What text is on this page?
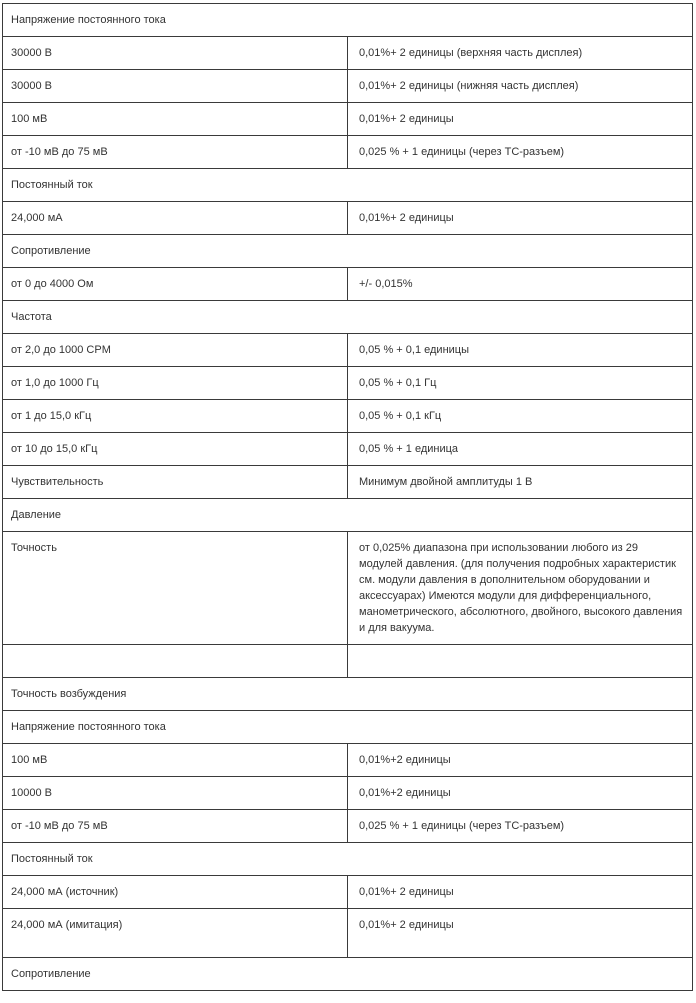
Напряжение постоянного тока	
30000 В	0,01%+ 2 единицы (верхняя часть дисплея)
30000 В	0,01%+ 2 единицы (нижняя часть дисплея)
100 мВ	0,01%+ 2 единицы
от -10 мВ до 75 мВ	0,025 % + 1 единицы (через TC-разъем)
Постоянный ток	
24,000 мА	0,01%+ 2 единицы
Сопротивление	
от 0 до 4000 Ом	+/- 0,015%
Частота	
от 2,0 до 1000 CPM	0,05 % + 0,1 единицы
от 1,0 до 1000 Гц	0,05 % + 0,1 Гц
от 1 до 15,0 кГц	0,05 % + 0,1 кГц
от 10 до 15,0 кГц	0,05 % + 1 единица
Чувствительность	Минимум двойной амплитуды 1 В
Давление	
Точность	от 0,025% диапазона при использовании любого из 29 модулей давления. (для получения подробных характеристик см. модули давления в дополнительном оборудовании и аксессуарах) Имеются модули для дифференциального, манометрического, абсолютного, двойного, высокого давления и для вакуума.

Точность возбуждения	
Напряжение постоянного тока	
100 мВ	0,01%+2 единицы
10000 В	0,01%+2 единицы
от -10 мВ до 75 мВ	0,025 % + 1 единицы (через TC-разъем)
Постоянный ток	
24,000 мА (источник)	0,01%+ 2 единицы
24,000 мА (имитация)	0,01%+ 2 единицы
Сопротивление	
